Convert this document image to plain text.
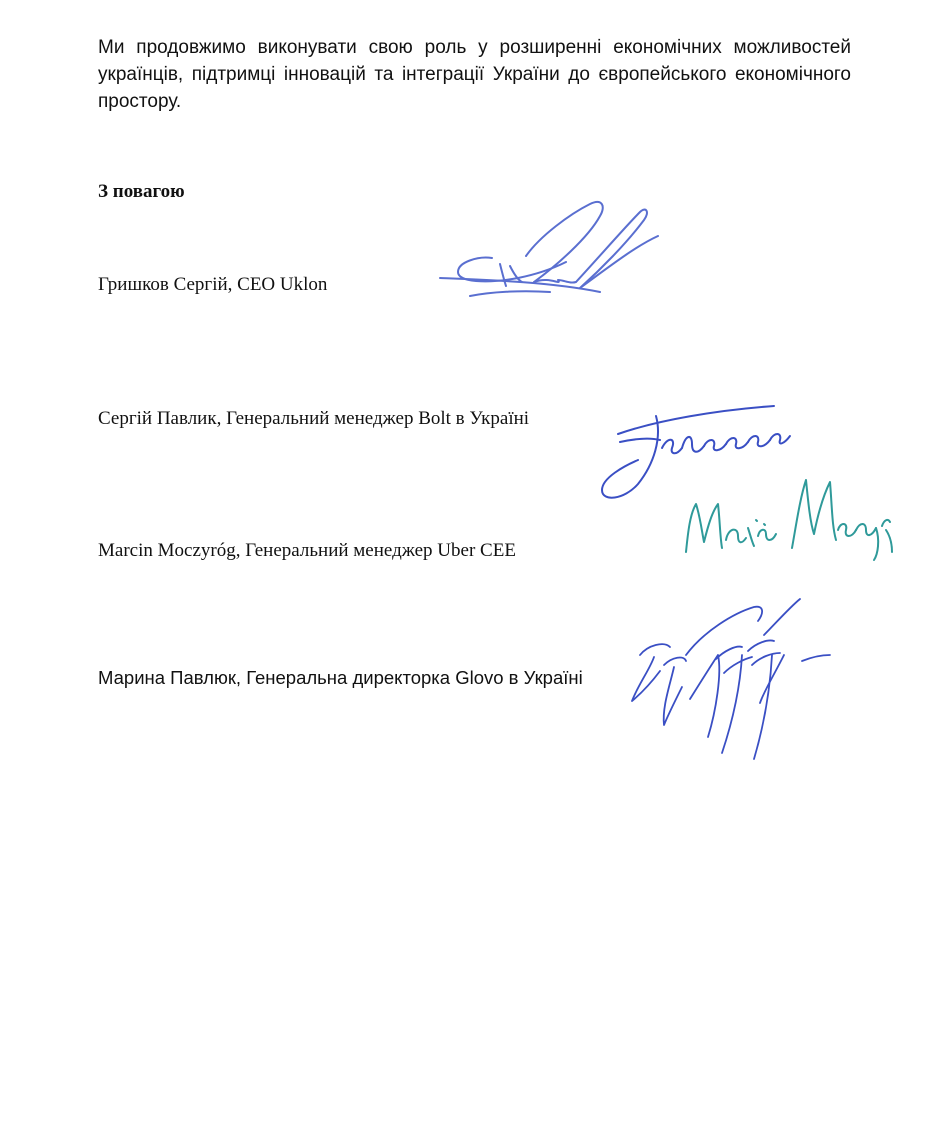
Ми продовжимо виконувати свою роль у розширенні економічних можливостей українців, підтримці інновацій та інтеграції України до європейського економічного простору.

З повагою

Гришков Сергій, CEO Uklon

Сергій Павлик, Генеральний менеджер Bolt в Україні

Marcin Moczyróg, Генеральний менеджер Uber CEE

Марина Павлюк, Генеральна директорка Glovo в Україні
